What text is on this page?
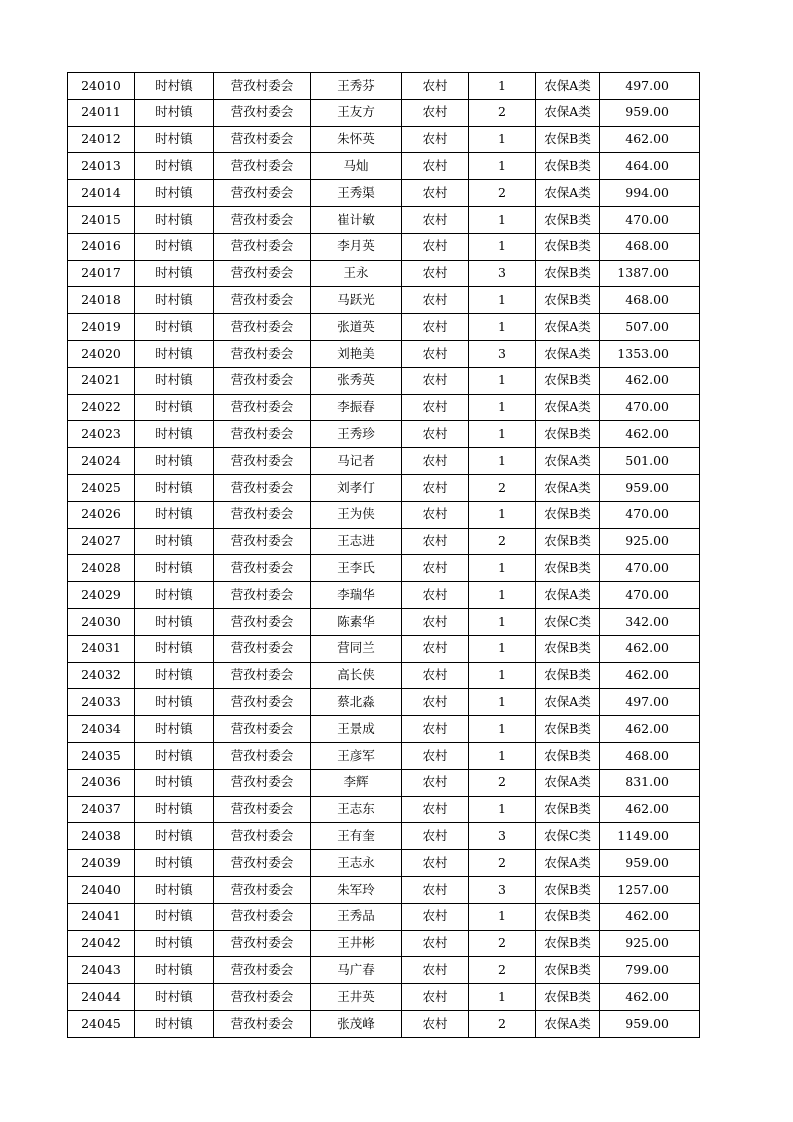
24010	时村镇	营孜村委会	王秀芬	农村	1	农保A类	497.00
24011	时村镇	营孜村委会	王友方	农村	2	农保A类	959.00
24012	时村镇	营孜村委会	朱怀英	农村	1	农保B类	462.00
24013	时村镇	营孜村委会	马灿	农村	1	农保B类	464.00
24014	时村镇	营孜村委会	王秀渠	农村	2	农保A类	994.00
24015	时村镇	营孜村委会	崔计敏	农村	1	农保B类	470.00
24016	时村镇	营孜村委会	李月英	农村	1	农保B类	468.00
24017	时村镇	营孜村委会	王永	农村	3	农保B类	1387.00
24018	时村镇	营孜村委会	马跃光	农村	1	农保B类	468.00
24019	时村镇	营孜村委会	张道英	农村	1	农保A类	507.00
24020	时村镇	营孜村委会	刘艳美	农村	3	农保A类	1353.00
24021	时村镇	营孜村委会	张秀英	农村	1	农保B类	462.00
24022	时村镇	营孜村委会	李振春	农村	1	农保A类	470.00
24023	时村镇	营孜村委会	王秀珍	农村	1	农保B类	462.00
24024	时村镇	营孜村委会	马记者	农村	1	农保A类	501.00
24025	时村镇	营孜村委会	刘孝仃	农村	2	农保A类	959.00
24026	时村镇	营孜村委会	王为侠	农村	1	农保B类	470.00
24027	时村镇	营孜村委会	王志进	农村	2	农保B类	925.00
24028	时村镇	营孜村委会	王李氏	农村	1	农保B类	470.00
24029	时村镇	营孜村委会	李瑞华	农村	1	农保A类	470.00
24030	时村镇	营孜村委会	陈素华	农村	1	农保C类	342.00
24031	时村镇	营孜村委会	营同兰	农村	1	农保B类	462.00
24032	时村镇	营孜村委会	高长侠	农村	1	农保B类	462.00
24033	时村镇	营孜村委会	蔡北淼	农村	1	农保A类	497.00
24034	时村镇	营孜村委会	王景成	农村	1	农保B类	462.00
24035	时村镇	营孜村委会	王彦军	农村	1	农保B类	468.00
24036	时村镇	营孜村委会	李辉	农村	2	农保A类	831.00
24037	时村镇	营孜村委会	王志东	农村	1	农保B类	462.00
24038	时村镇	营孜村委会	王有奎	农村	3	农保C类	1149.00
24039	时村镇	营孜村委会	王志永	农村	2	农保A类	959.00
24040	时村镇	营孜村委会	朱军玲	农村	3	农保B类	1257.00
24041	时村镇	营孜村委会	王秀品	农村	1	农保B类	462.00
24042	时村镇	营孜村委会	王井彬	农村	2	农保B类	925.00
24043	时村镇	营孜村委会	马广春	农村	2	农保B类	799.00
24044	时村镇	营孜村委会	王井英	农村	1	农保B类	462.00
24045	时村镇	营孜村委会	张茂峰	农村	2	农保A类	959.00
